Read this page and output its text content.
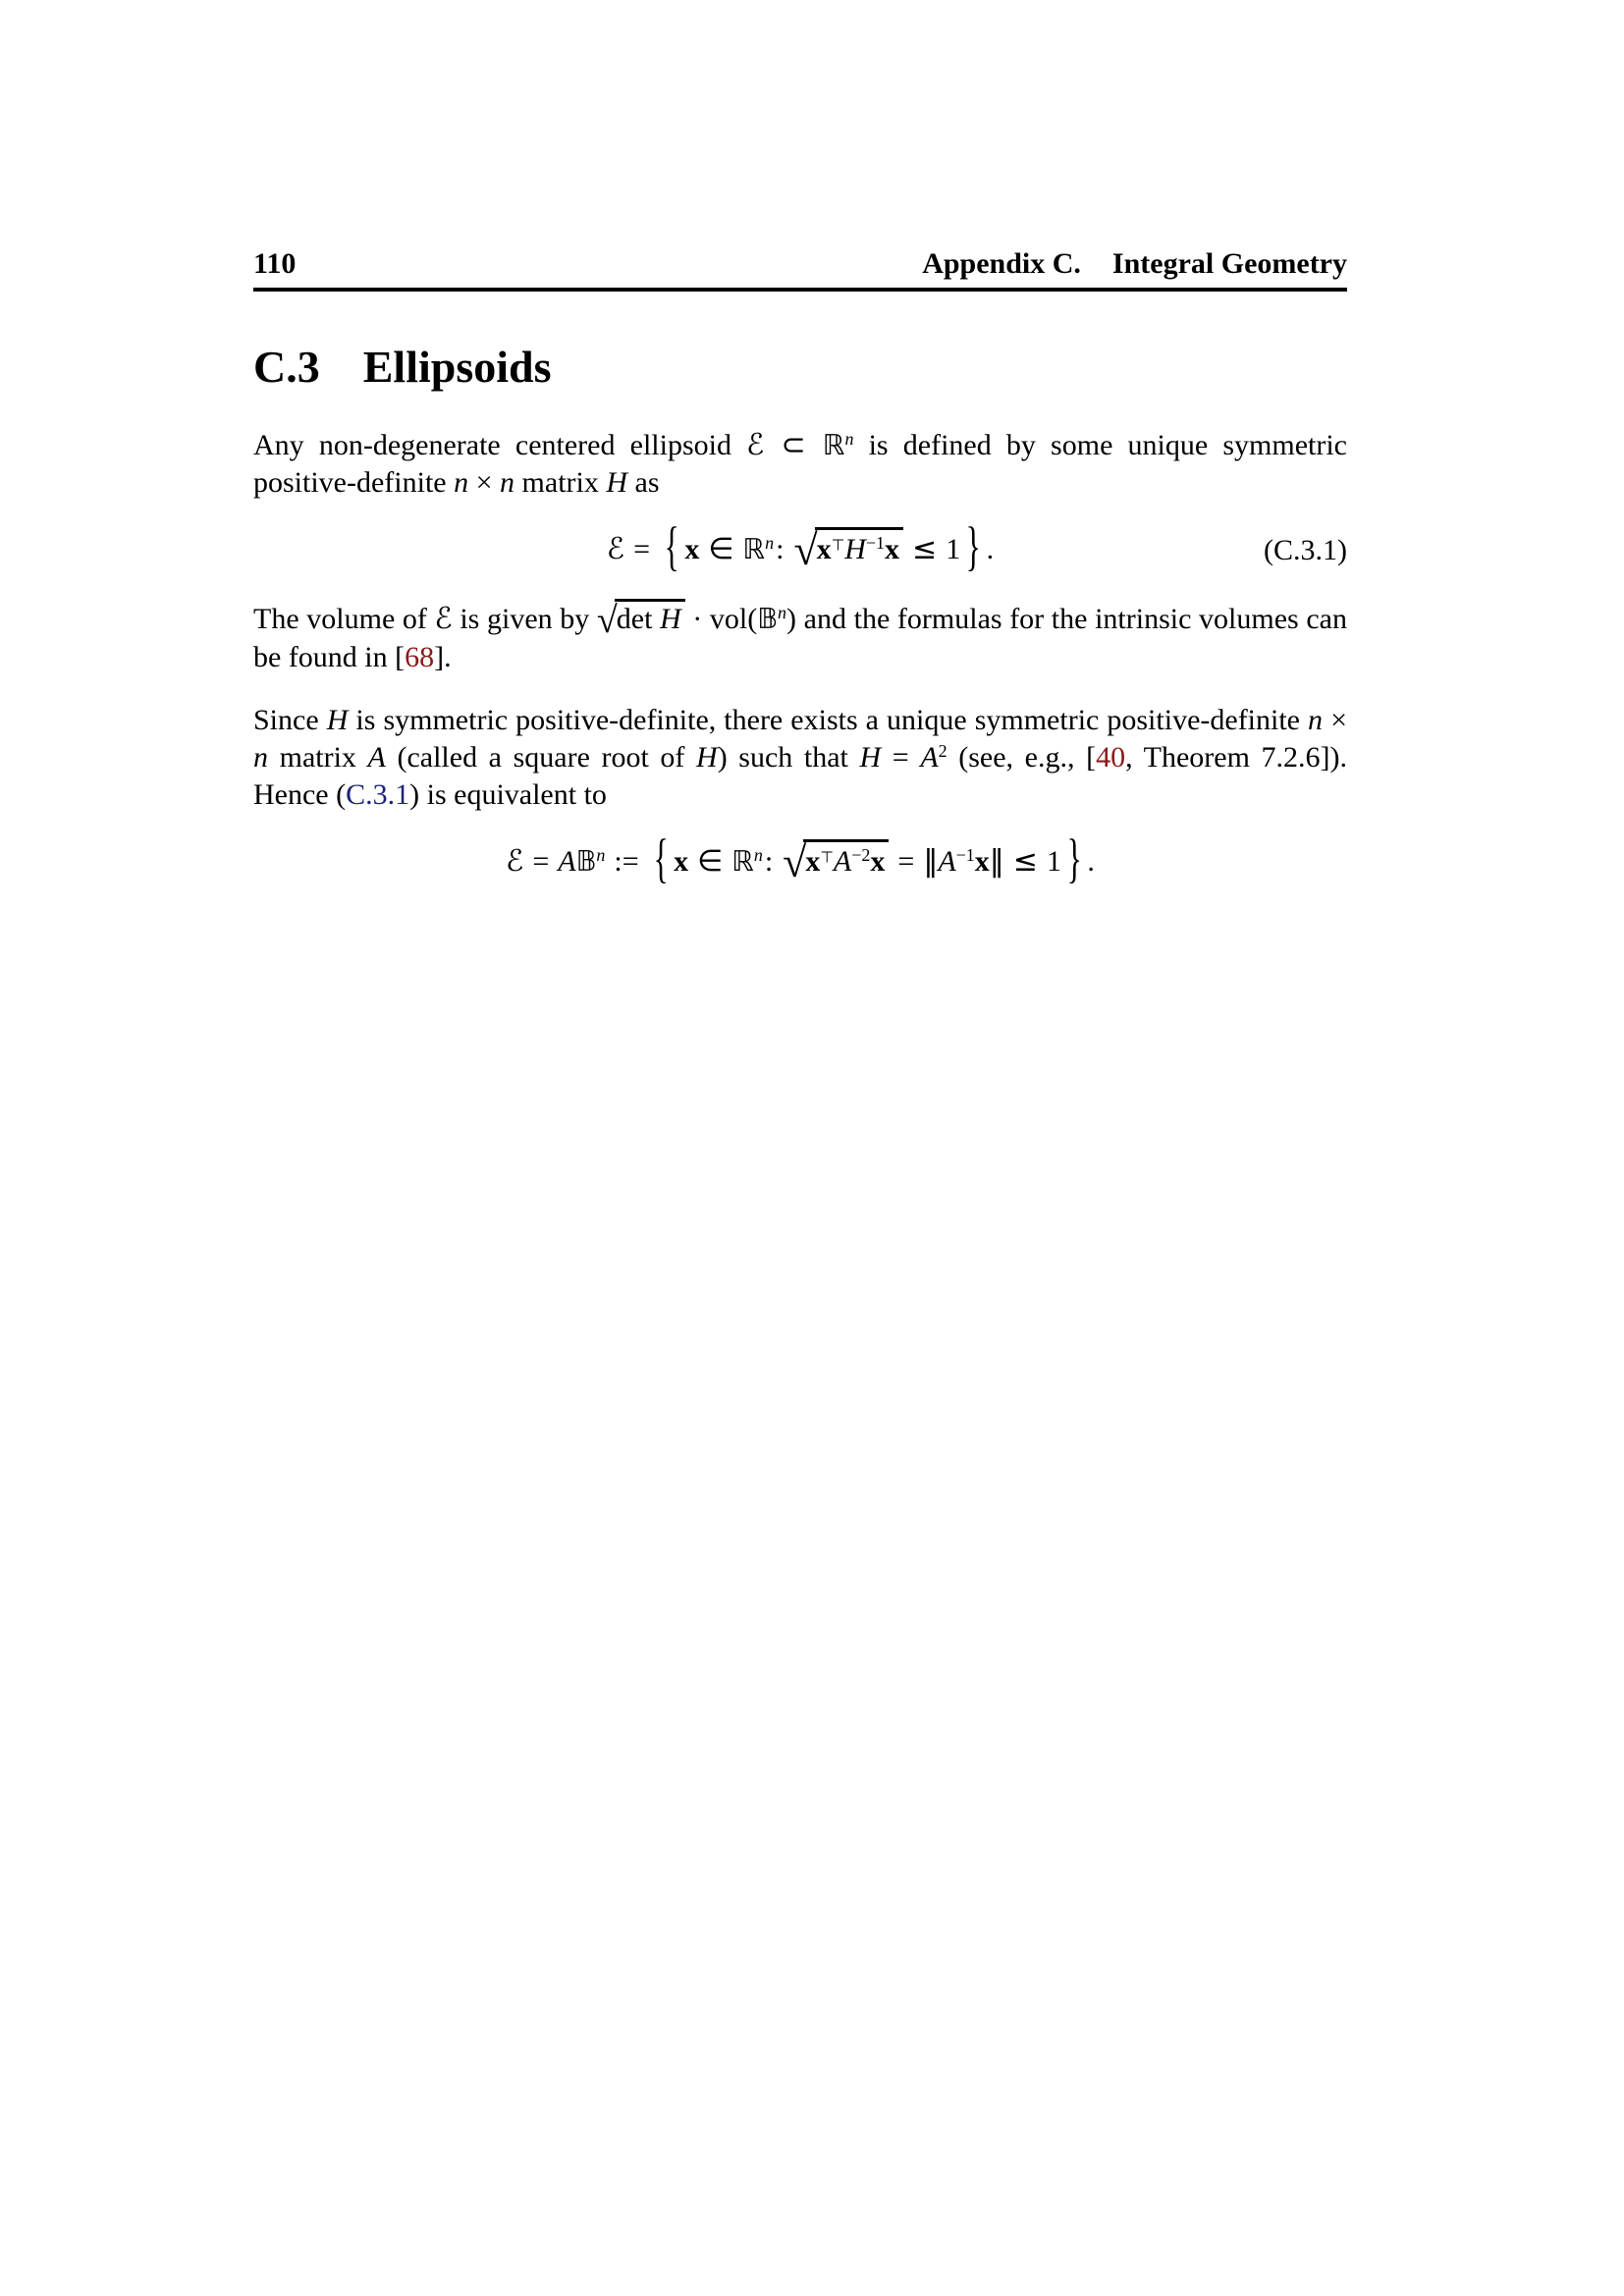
110	Appendix C. Integral Geometry
C.3 Ellipsoids

Any non-degenerate centered ellipsoid ℰ ⊂ ℝ$^n$ is defined by some unique symmetric positive-definite n × n matrix H as

ℰ = { x ∈ ℝ$^n$: $√x^⊤H^{-1}x \le 1$ } .	(C.3.1)

The volume of ℰ is given by √det H · vol(𝔹$^n$) and the formulas for the intrinsic volumes can be found in [68].

Since H is symmetric positive-definite, there exists a unique symmetric positive-definite n × n matrix A (called a square root of H) such that $H = A^2$ (see, e.g., [40, Theorem 7.2.6]). Hence (C.3.1) is equivalent to

ℰ = A𝔹$^n$ := { x ∈ ℝ$^n$: $√x^⊤A^{-2}x$ = $‖A^{-1}x‖ \le 1$ } .
